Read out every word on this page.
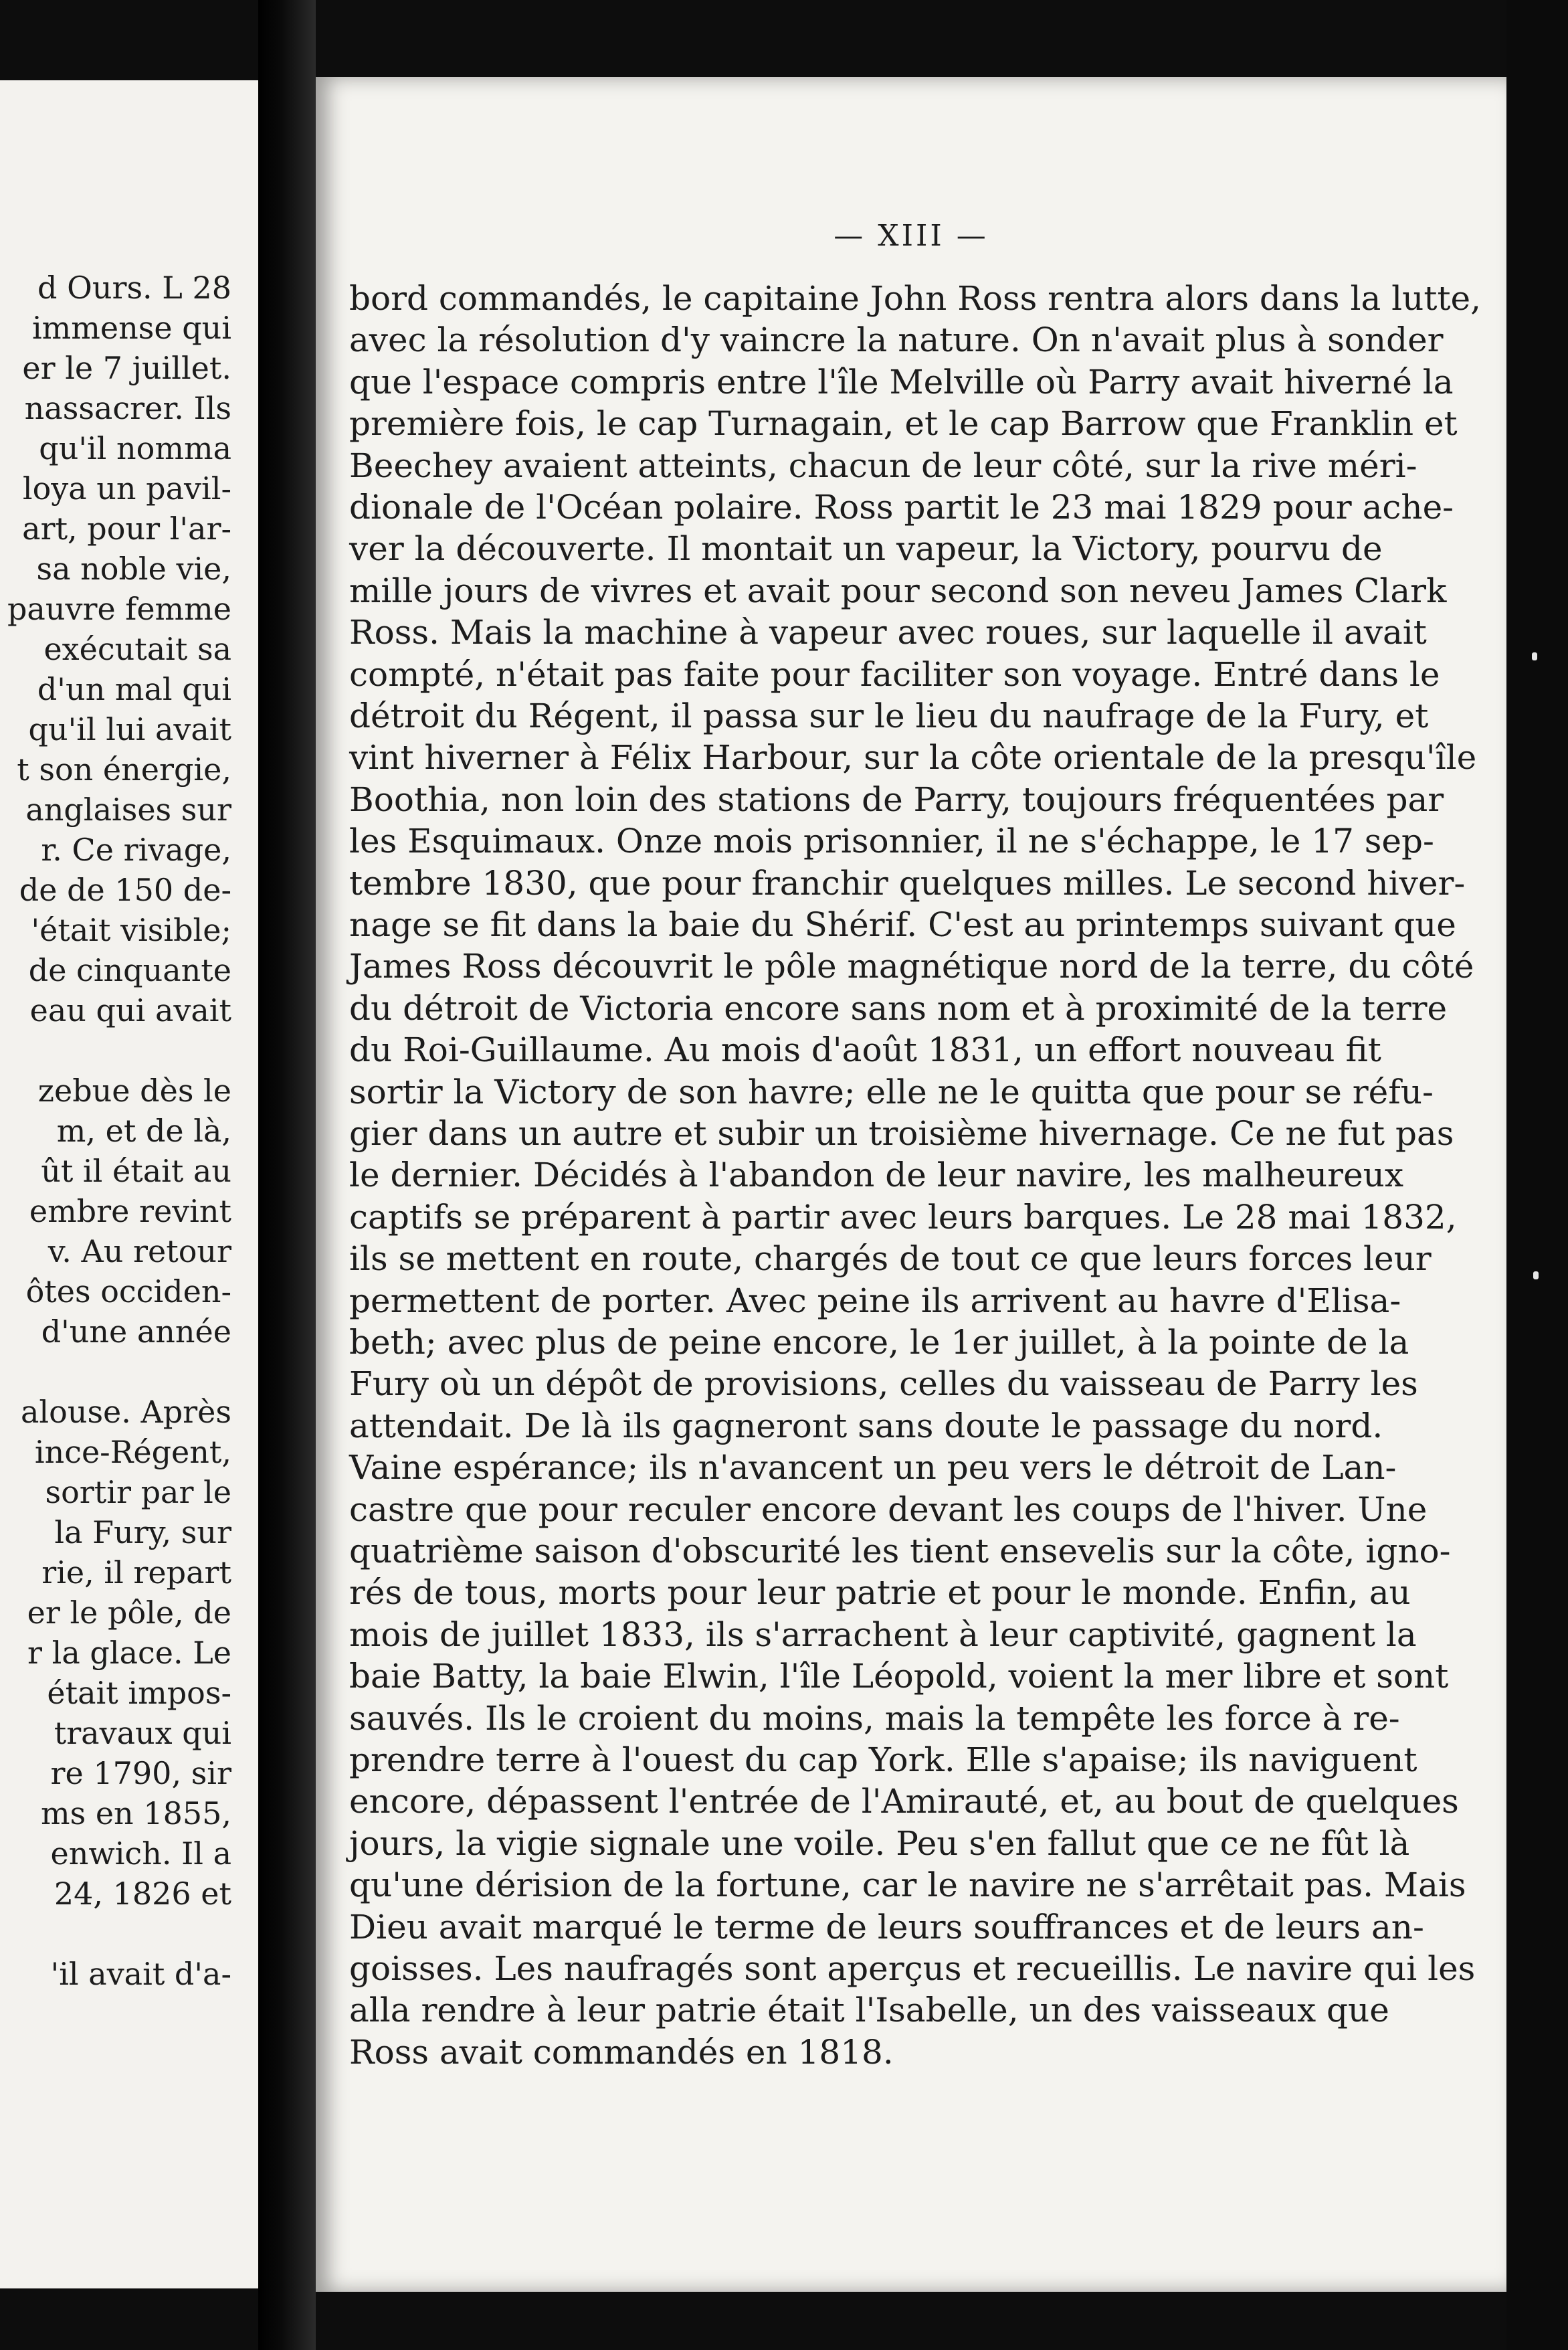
d Ours. L 28
immense qui
er le 7 juillet.
nassacrer. Ils
qu'il nomma
loya un pavil-
art, pour l'ar-
sa noble vie,
pauvre femme
exécutait sa
d'un mal qui
qu'il lui avait
t son énergie,
anglaises sur
r. Ce rivage,
de de 150 de-
'était visible;
de cinquante
eau qui avait
zebue dès le
m, et de là,
ût il était au
embre revint
v. Au retour
ôtes occiden-
d'une année
alouse. Après
ince-Régent,
sortir par le
la Fury, sur
rie, il repart
er le pôle, de
r la glace. Le
était impos-
travaux qui
re 1790, sir
ms en 1855,
enwich. Il a
24, 1826 et
'il avait d'a-
— XIII —
bord commandés, le capitaine John Ross rentra alors dans la lutte,
avec la résolution d'y vaincre la nature. On n'avait plus à sonder
que l'espace compris entre l'île Melville où Parry avait hiverné la
première fois, le cap Turnagain, et le cap Barrow que Franklin et
Beechey avaient atteints, chacun de leur côté, sur la rive méri-
dionale de l'Océan polaire. Ross partit le 23 mai 1829 pour ache-
ver la découverte. Il montait un vapeur, la Victory, pourvu de
mille jours de vivres et avait pour second son neveu James Clark
Ross. Mais la machine à vapeur avec roues, sur laquelle il avait
compté, n'était pas faite pour faciliter son voyage. Entré dans le
détroit du Régent, il passa sur le lieu du naufrage de la Fury, et
vint hiverner à Félix Harbour, sur la côte orientale de la presqu'île
Boothia, non loin des stations de Parry, toujours fréquentées par
les Esquimaux. Onze mois prisonnier, il ne s'échappe, le 17 sep-
tembre 1830, que pour franchir quelques milles. Le second hiver-
nage se fit dans la baie du Shérif. C'est au printemps suivant que
James Ross découvrit le pôle magnétique nord de la terre, du côté
du détroit de Victoria encore sans nom et à proximité de la terre
du Roi-Guillaume. Au mois d'août 1831, un effort nouveau fit
sortir la Victory de son havre; elle ne le quitta que pour se réfu-
gier dans un autre et subir un troisième hivernage. Ce ne fut pas
le dernier. Décidés à l'abandon de leur navire, les malheureux
captifs se préparent à partir avec leurs barques. Le 28 mai 1832,
ils se mettent en route, chargés de tout ce que leurs forces leur
permettent de porter. Avec peine ils arrivent au havre d'Elisa-
beth; avec plus de peine encore, le 1er juillet, à la pointe de la
Fury où un dépôt de provisions, celles du vaisseau de Parry les
attendait. De là ils gagneront sans doute le passage du nord.
Vaine espérance; ils n'avancent un peu vers le détroit de Lan-
castre que pour reculer encore devant les coups de l'hiver. Une
quatrième saison d'obscurité les tient ensevelis sur la côte, igno-
rés de tous, morts pour leur patrie et pour le monde. Enfin, au
mois de juillet 1833, ils s'arrachent à leur captivité, gagnent la
baie Batty, la baie Elwin, l'île Léopold, voient la mer libre et sont
sauvés. Ils le croient du moins, mais la tempête les force à re-
prendre terre à l'ouest du cap York. Elle s'apaise; ils naviguent
encore, dépassent l'entrée de l'Amirauté, et, au bout de quelques
jours, la vigie signale une voile. Peu s'en fallut que ce ne fût là
qu'une dérision de la fortune, car le navire ne s'arrêtait pas. Mais
Dieu avait marqué le terme de leurs souffrances et de leurs an-
goisses. Les naufragés sont aperçus et recueillis. Le navire qui les
alla rendre à leur patrie était l'Isabelle, un des vaisseaux que
Ross avait commandés en 1818.
